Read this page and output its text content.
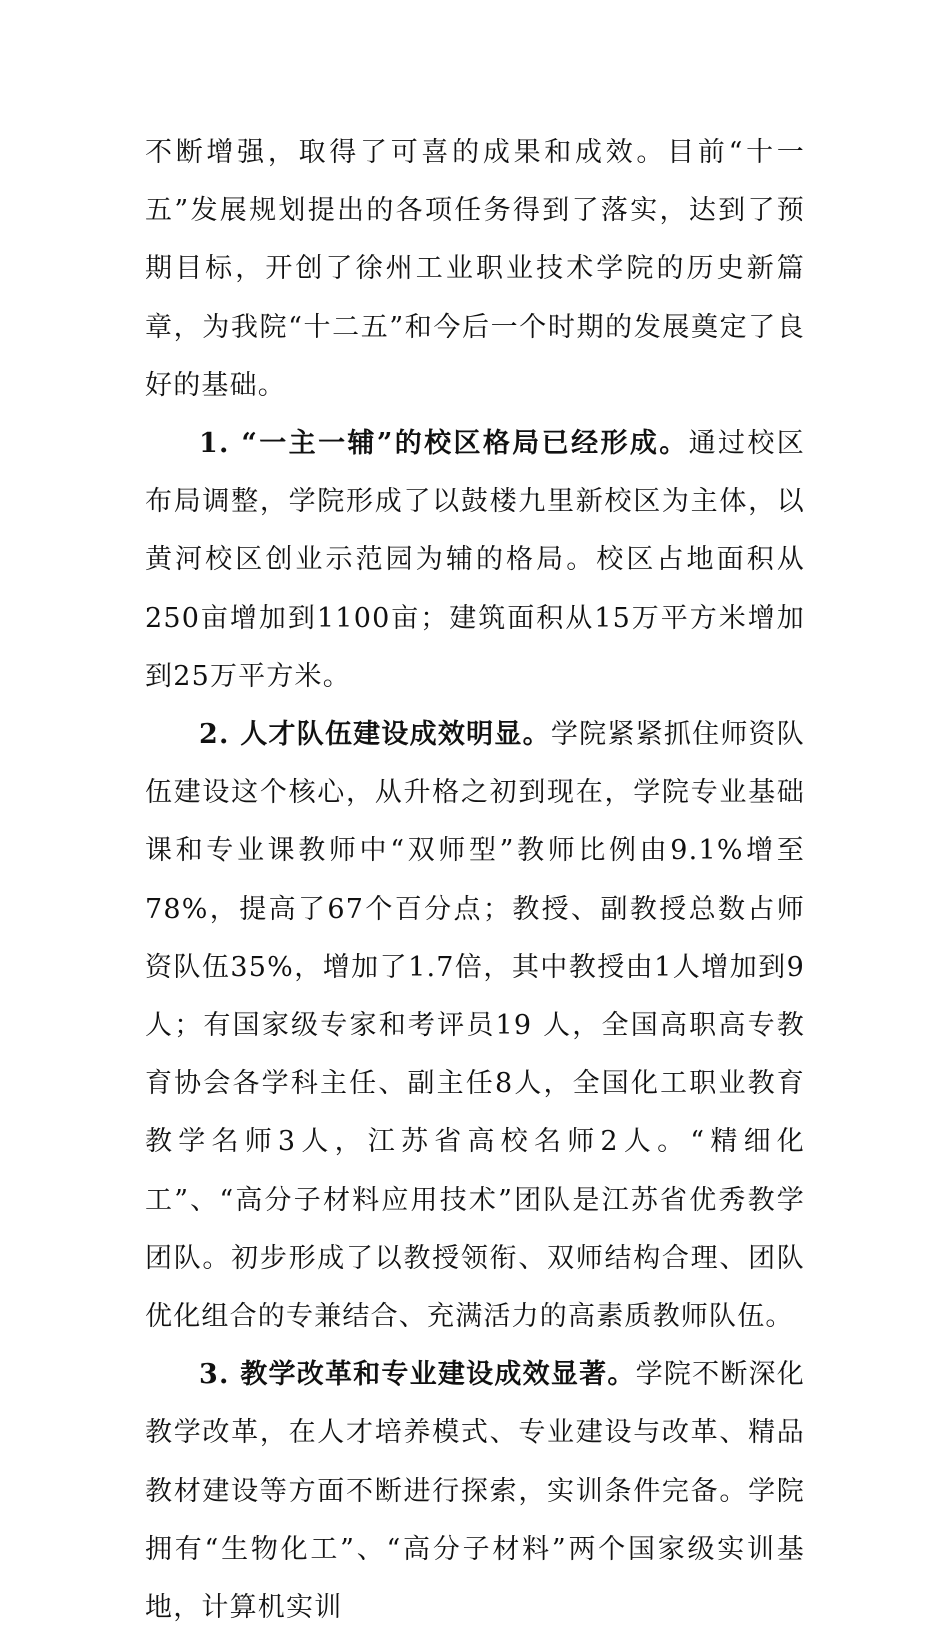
不断增强，取得了可喜的成果和成效。目前“十一五”发展规划提出的各项任务得到了落实，达到了预期目标，开创了徐州工业职业技术学院的历史新篇章，为我院“十二五”和今后一个时期的发展奠定了良好的基础。

1. “一主一辅”的校区格局已经形成。通过校区布局调整，学院形成了以鼓楼九里新校区为主体，以黄河校区创业示范园为辅的格局。校区占地面积从250亩增加到1100亩；建筑面积从15万平方米增加到25万平方米。

2. 人才队伍建设成效明显。学院紧紧抓住师资队伍建设这个核心，从升格之初到现在，学院专业基础课和专业课教师中“双师型”教师比例由9.1%增至78%，提高了67个百分点；教授、副教授总数占师资队伍35%，增加了1.7倍，其中教授由1人增加到9人；有国家级专家和考评员19 人，全国高职高专教育协会各学科主任、副主任8人，全国化工职业教育教学名师3人，江苏省高校名师2人。“精细化工”、“高分子材料应用技术”团队是江苏省优秀教学团队。初步形成了以教授领衔、双师结构合理、团队优化组合的专兼结合、充满活力的高素质教师队伍。

3. 教学改革和专业建设成效显著。学院不断深化教学改革，在人才培养模式、专业建设与改革、精品教材建设等方面不断进行探索，实训条件完备。学院拥有“生物化工”、“高分子材料”两个国家级实训基地，计算机实训
